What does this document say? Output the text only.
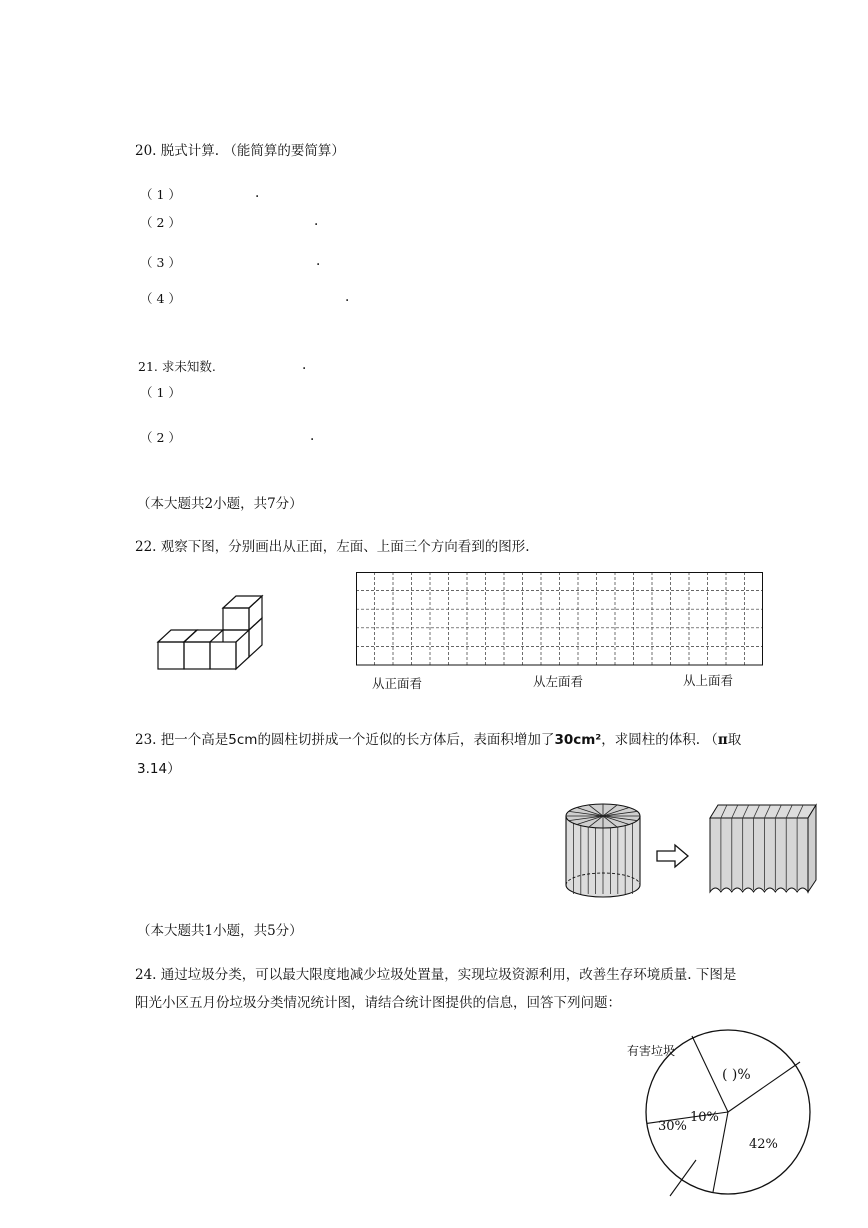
20. 脱式计算. （能简算的要简算）
（ 1 ）	.
（ 2 ）	.
（ 3 ）	.
（ 4 ）	.
21. 求未知数.	.
（ 1 ）
（ 2 ）	.
（本大题共2小题，共7分）
22. 观察下图，分别画出从正面，左面、上面三个方向看到的图形.
从正面看	从左面看	从上面看
23. 把一个高是5cm的圆柱切拼成一个近似的长方体后，表面积增加了30cm²，求圆柱的体积. （π取
3.14）
（本大题共1小题，共5分）
24. 通过垃圾分类，可以最大限度地减少垃圾处置量，实现垃圾资源利用，改善生存环境质量. 下图是
阳光小区五月份垃圾分类情况统计图，请结合统计图提供的信息，回答下列问题：
有害垃圾
( )%
30%
10%
42%
